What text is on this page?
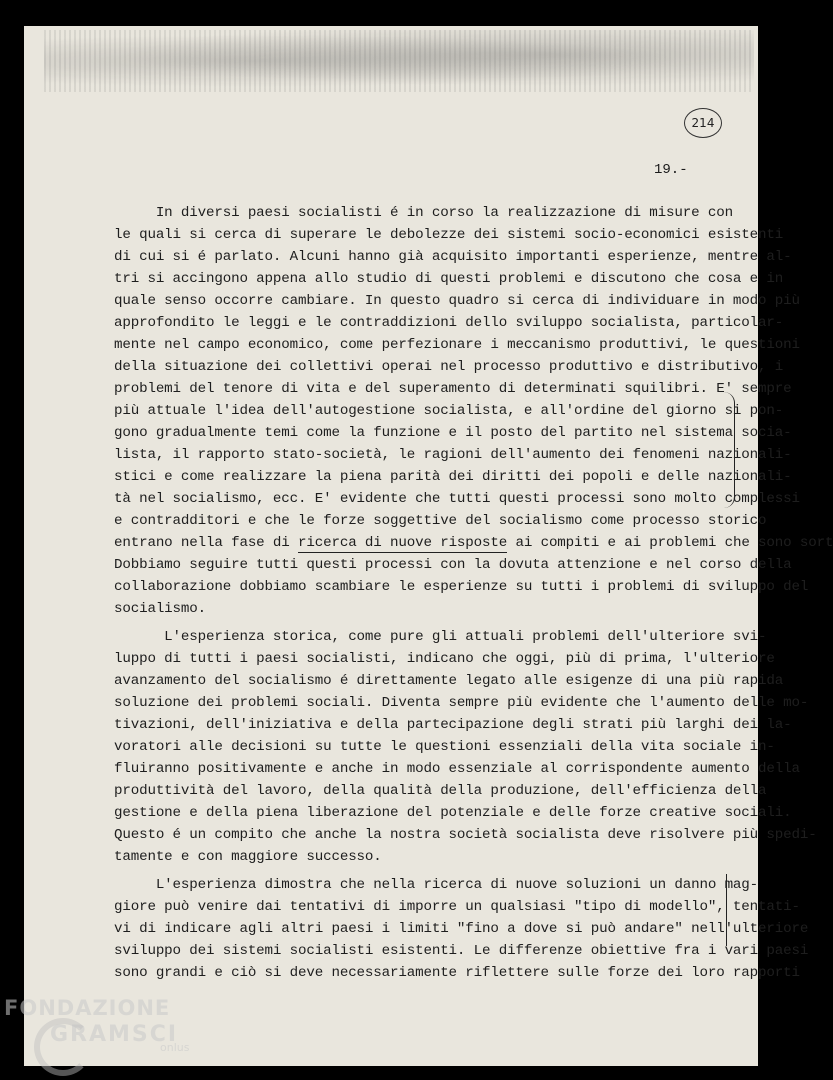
214
19.-
In diversi paesi socialisti é in corso la realizzazione di misure con
le quali si cerca di superare le debolezze dei sistemi socio-economici esistenti
di cui si é parlato. Alcuni hanno già acquisito importanti esperienze, mentre al-
tri si accingono appena allo studio di questi problemi e discutono che cosa e in
quale senso occorre cambiare. In questo quadro si cerca di individuare in modo più
approfondito le leggi e le contraddizioni dello sviluppo socialista, particolar-
mente nel campo economico, come perfezionare i meccanismo produttivi, le questioni
della situazione dei collettivi operai nel processo produttivo e distributivo, i
problemi del tenore di vita e del superamento di determinati squilibri. E' sempre
più attuale l'idea dell'autogestione socialista, e all'ordine del giorno si pon-
gono gradualmente temi come la funzione e il posto del partito nel sistema socia-
lista, il rapporto stato-società, le ragioni dell'aumento dei fenomeni nazionali-
stici e come realizzare la piena parità dei diritti dei popoli e delle nazionali-
tà nel socialismo, ecc. E' evidente che tutti questi processi sono molto complessi
e contradditori e che le forze soggettive del socialismo come processo storico
entrano nella fase di ricerca di nuove risposte ai compiti e ai problemi che sono sort
Dobbiamo seguire tutti questi processi con la dovuta attenzione e nel corso della
collaborazione dobbiamo scambiare le esperienze su tutti i problemi di sviluppo del
socialismo.
L'esperienza storica, come pure gli attuali problemi dell'ulteriore svi-
luppo di tutti i paesi socialisti, indicano che oggi, più di prima, l'ulteriore
avanzamento del socialismo é direttamente legato alle esigenze di una più rapida
soluzione dei problemi sociali. Diventa sempre più evidente che l'aumento delle mo-
tivazioni, dell'iniziativa e della partecipazione degli strati più larghi dei la-
voratori alle decisioni su tutte le questioni essenziali della vita sociale in-
fluiranno positivamente e anche in modo essenziale al corrispondente aumento della
produttività del lavoro, della qualità della produzione, dell'efficienza della
gestione e della piena liberazione del potenziale e delle forze creative sociali.
Questo é un compito che anche la nostra società socialista deve risolvere più spedi-
tamente e con maggiore successo.
L'esperienza dimostra che nella ricerca di nuove soluzioni un danno mag-
giore può venire dai tentativi di imporre un qualsiasi "tipo di modello", tentati-
vi di indicare agli altri paesi i limiti "fino a dove si può andare" nell'ulteriore
sviluppo dei sistemi socialisti esistenti. Le differenze obiettive fra i vari paesi
sono grandi e ciò si deve necessariamente riflettere sulle forze dei loro rapporti
FONDAZIONE
GRAMSCI
onlus
